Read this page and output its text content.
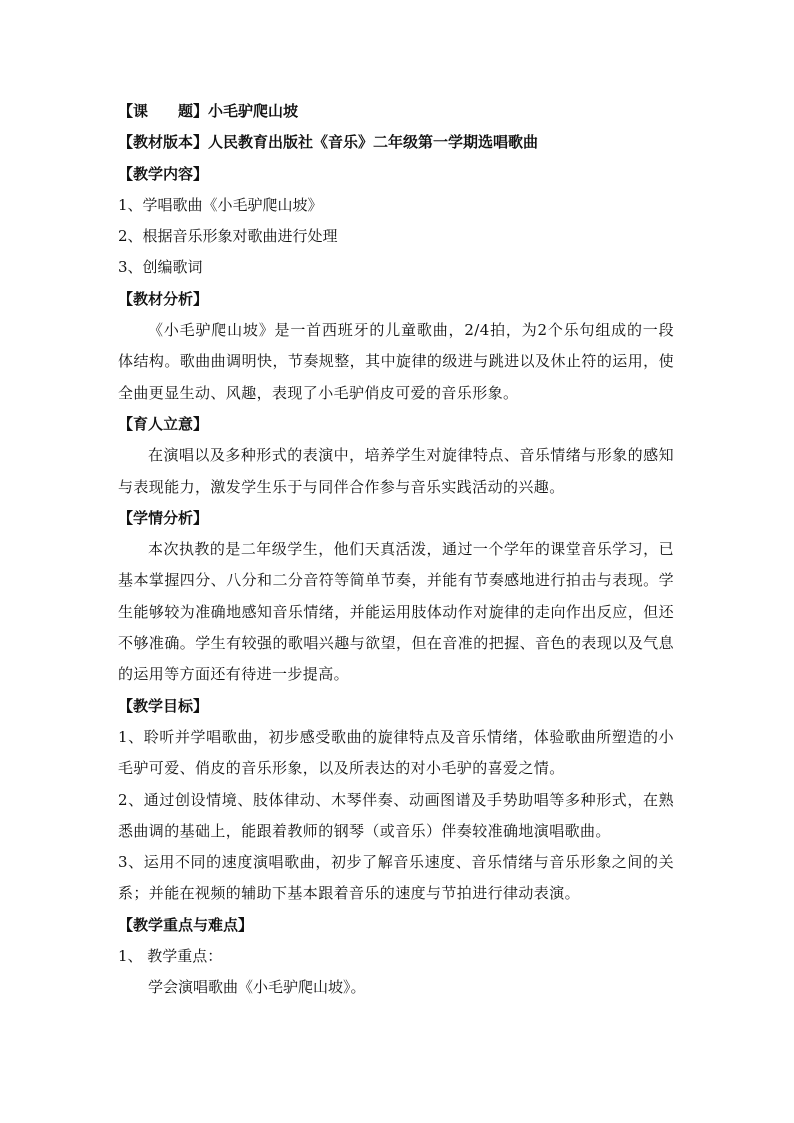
【课　　题】小毛驴爬山坡
【教材版本】人民教育出版社《音乐》二年级第一学期选唱歌曲
【教学内容】
1、学唱歌曲《小毛驴爬山坡》
2、根据音乐形象对歌曲进行处理
3、创编歌词
【教材分析】
《小毛驴爬山坡》是一首西班牙的儿童歌曲，2/4拍，为2个乐句组成的一段体结构。歌曲曲调明快，节奏规整，其中旋律的级进与跳进以及休止符的运用，使全曲更显生动、风趣，表现了小毛驴俏皮可爱的音乐形象。
【育人立意】
在演唱以及多种形式的表演中，培养学生对旋律特点、音乐情绪与形象的感知与表现能力，激发学生乐于与同伴合作参与音乐实践活动的兴趣。
【学情分析】
本次执教的是二年级学生，他们天真活泼，通过一个学年的课堂音乐学习，已基本掌握四分、八分和二分音符等简单节奏，并能有节奏感地进行拍击与表现。学生能够较为准确地感知音乐情绪，并能运用肢体动作对旋律的走向作出反应，但还不够准确。学生有较强的歌唱兴趣与欲望，但在音准的把握、音色的表现以及气息的运用等方面还有待进一步提高。
【教学目标】
1、聆听并学唱歌曲，初步感受歌曲的旋律特点及音乐情绪，体验歌曲所塑造的小毛驴可爱、俏皮的音乐形象，以及所表达的对小毛驴的喜爱之情。
2、通过创设情境、肢体律动、木琴伴奏、动画图谱及手势助唱等多种形式，在熟悉曲调的基础上，能跟着教师的钢琴（或音乐）伴奏较准确地演唱歌曲。
3、运用不同的速度演唱歌曲，初步了解音乐速度、音乐情绪与音乐形象之间的关系；并能在视频的辅助下基本跟着音乐的速度与节拍进行律动表演。
【教学重点与难点】
1、 教学重点：
学会演唱歌曲《小毛驴爬山坡》。
